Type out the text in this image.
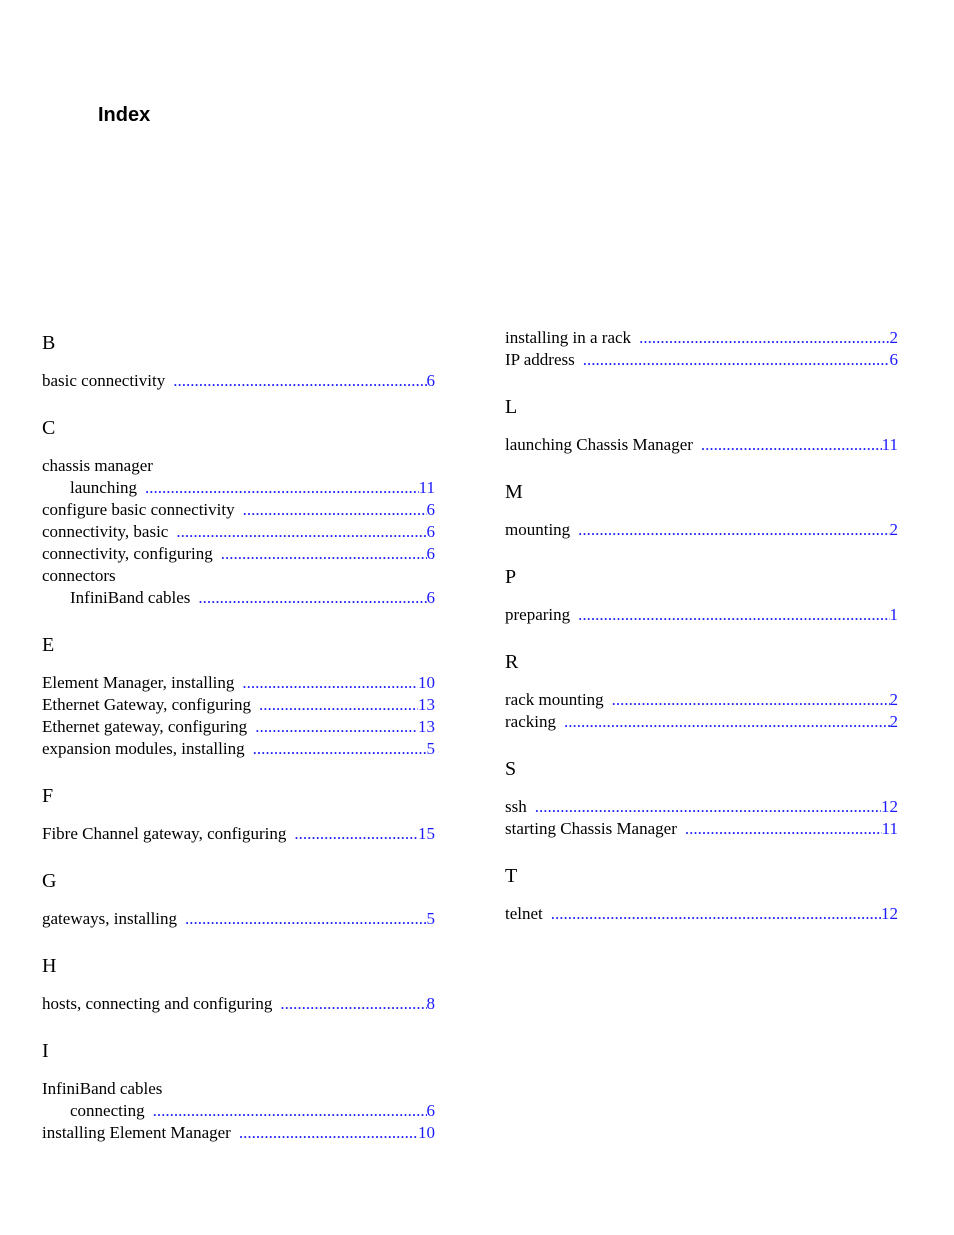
Index
B
basic connectivity .....	6
C
chassis manager
launching .....	11
configure basic connectivity .....	6
connectivity, basic .....	6
connectivity, configuring .....	6
connectors
InfiniBand cables .....	6
E
Element Manager, installing .....	10
Ethernet Gateway, configuring .....	13
Ethernet gateway, configuring .....	13
expansion modules, installing .....	5
F
Fibre Channel gateway, configuring .....	15
G
gateways, installing .....	5
H
hosts, connecting and configuring .....	8
I
InfiniBand cables
connecting .....	6
installing Element Manager .....	10
installing in a rack .....	2
IP address .....	6
L
launching Chassis Manager .....	11
M
mounting .....	2
P
preparing .....	1
R
rack mounting .....	2
racking .....	2
S
ssh .....	12
starting Chassis Manager .....	11
T
telnet .....	12
